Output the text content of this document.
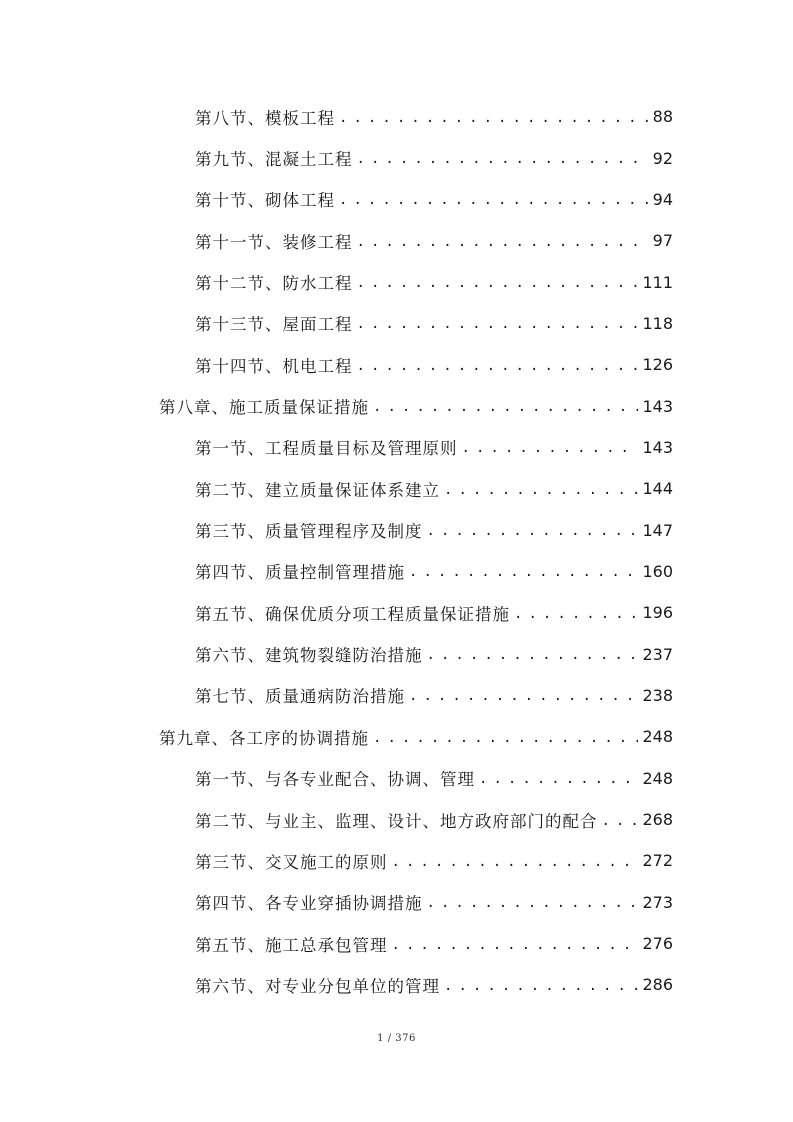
第八节、模板工程 . . .	88
第九节、混凝土工程 . . .	92
第十节、砌体工程 . . .	94
第十一节、装修工程 . . .	97
第十二节、防水工程 . . .	111
第十三节、屋面工程 . . .	118
第十四节、机电工程 . . .	126
第八章、施工质量保证措施 . . .	143
第一节、工程质量目标及管理原则 . . .	143
第二节、建立质量保证体系建立 . . .	144
第三节、质量管理程序及制度 . . .	147
第四节、质量控制管理措施 . . .	160
第五节、确保优质分项工程质量保证措施 . . .	196
第六节、建筑物裂缝防治措施 . . .	237
第七节、质量通病防治措施 . . .	238
第九章、各工序的协调措施 . . .	248
第一节、与各专业配合、协调、管理 . . .	248
第二节、与业主、监理、设计、地方政府部门的配合 . . .	268
第三节、交叉施工的原则 . . .	272
第四节、各专业穿插协调措施 . . .	273
第五节、施工总承包管理 . . .	276
第六节、对专业分包单位的管理 . . .	286
1 / 376
